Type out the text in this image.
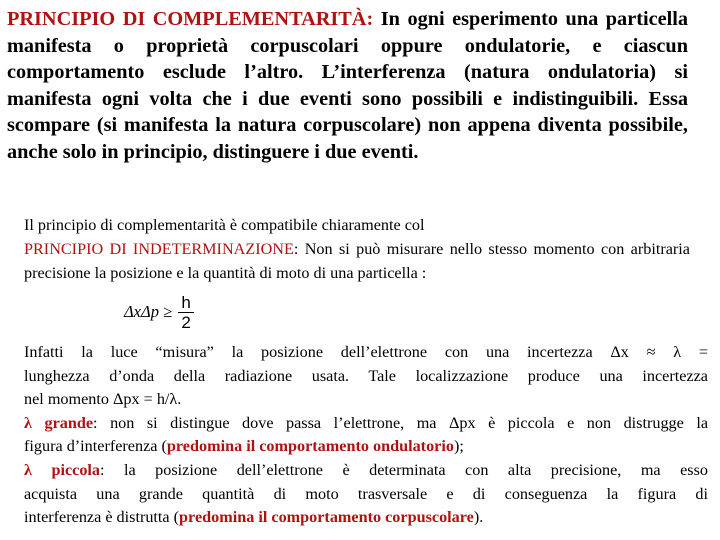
PRINCIPIO DI COMPLEMENTARITÀ: In ogni esperimento una particella manifesta o proprietà corpuscolari oppure ondulatorie, e ciascun comportamento esclude l’altro. L’interferenza (natura ondulatoria) si manifesta ogni volta che i due eventi sono possibili e indistinguibili. Essa scompare (si manifesta la natura corpuscolare) non appena diventa possibile, anche solo in principio, distinguere i due eventi.

Il principio di complementarità è compatibile chiaramente col
PRINCIPIO DI INDETERMINAZIONE: Non si può misurare nello stesso momento con arbitraria precisione la posizione e la quantità di moto di una particella :

$\Delta x\Delta p \ge \frac{h}{2}$
Infatti la luce “misura” la posizione dell’elettrone con una incertezza Δx ≈ λ =
lunghezza d’onda della radiazione usata. Tale localizzazione produce una incertezza
nel momento Δpx = h/λ.
λ grande: non si distingue dove passa l’elettrone, ma Δpx è piccola e non distrugge la
figura d’interferenza (predomina il comportamento ondulatorio);
λ piccola: la posizione dell’elettrone è determinata con alta precisione, ma esso
acquista una grande quantità di moto trasversale e di conseguenza la figura di
interferenza è distrutta (predomina il comportamento corpuscolare).
